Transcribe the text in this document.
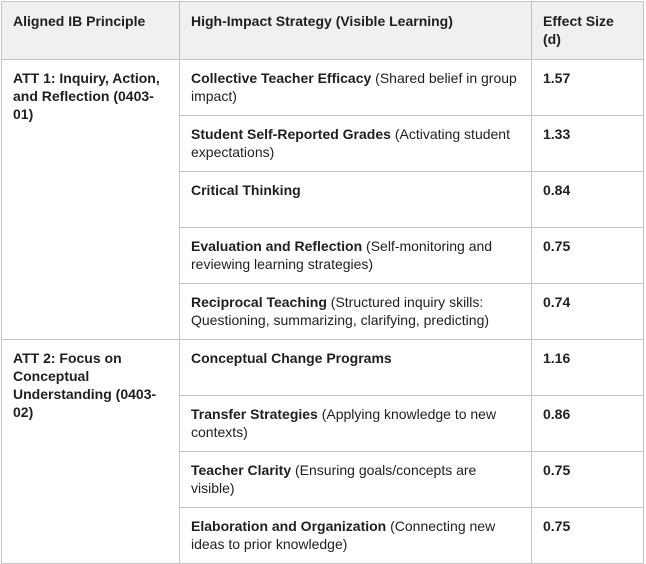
Aligned IB Principle	High-Impact Strategy (Visible Learning)	Effect Size (d)
ATT 1: Inquiry, Action, and Reflection (0403-01)	Collective Teacher Efficacy (Shared belief in group impact)	1.57
	Student Self-Reported Grades (Activating student expectations)	1.33
	Critical Thinking	0.84
	Evaluation and Reflection (Self-monitoring and reviewing learning strategies)	0.75
	Reciprocal Teaching (Structured inquiry skills: Questioning, summarizing, clarifying, predicting)	0.74
ATT 2: Focus on Conceptual Understanding (0403-02)	Conceptual Change Programs	1.16
	Transfer Strategies (Applying knowledge to new contexts)	0.86
	Teacher Clarity (Ensuring goals/concepts are visible)	0.75
	Elaboration and Organization (Connecting new ideas to prior knowledge)	0.75
